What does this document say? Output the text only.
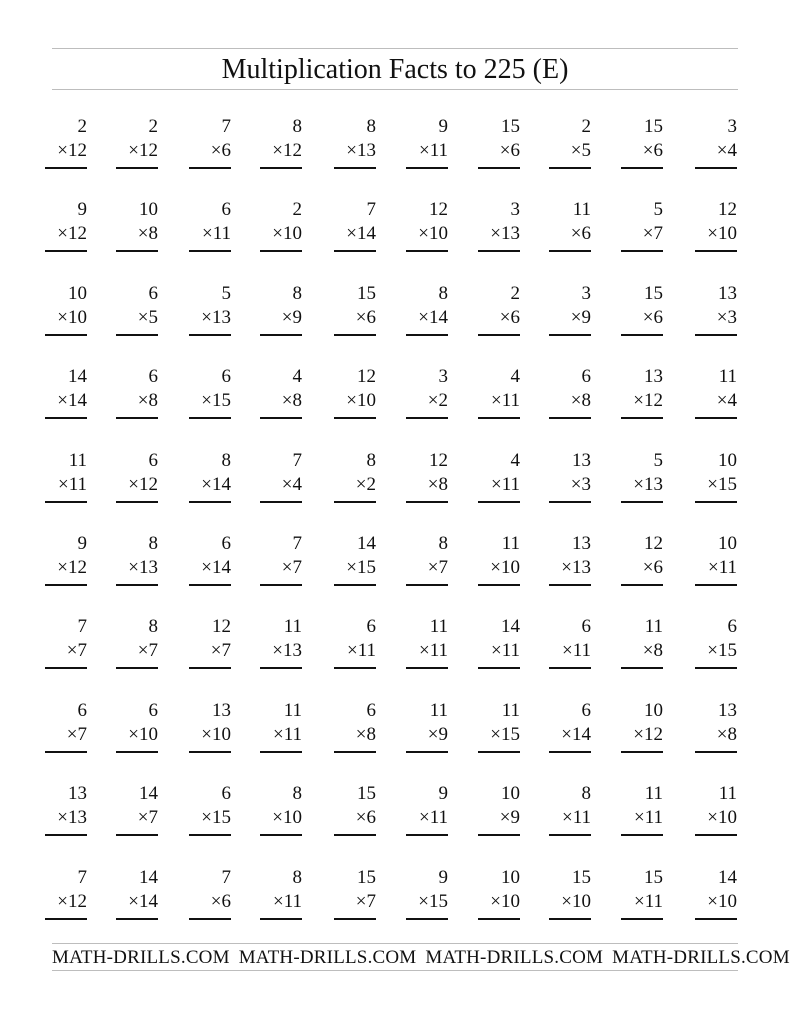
Multiplication Facts to 225 (E)
2
×12
2
×12
7
×6
8
×12
8
×13
9
×11
15
×6
2
×5
15
×6
3
×4
9
×12
10
×8
6
×11
2
×10
7
×14
12
×10
3
×13
11
×6
5
×7
12
×10
10
×10
6
×5
5
×13
8
×9
15
×6
8
×14
2
×6
3
×9
15
×6
13
×3
14
×14
6
×8
6
×15
4
×8
12
×10
3
×2
4
×11
6
×8
13
×12
11
×4
11
×11
6
×12
8
×14
7
×4
8
×2
12
×8
4
×11
13
×3
5
×13
10
×15
9
×12
8
×13
6
×14
7
×7
14
×15
8
×7
11
×10
13
×13
12
×6
10
×11
7
×7
8
×7
12
×7
11
×13
6
×11
11
×11
14
×11
6
×11
11
×8
6
×15
6
×7
6
×10
13
×10
11
×11
6
×8
11
×9
11
×15
6
×14
10
×12
13
×8
13
×13
14
×7
6
×15
8
×10
15
×6
9
×11
10
×9
8
×11
11
×11
11
×10
7
×12
14
×14
7
×6
8
×11
15
×7
9
×15
10
×10
15
×10
15
×11
14
×10
MATH-DRILLS.COM MATH-DRILLS.COM MATH-DRILLS.COM MATH-DRILLS.COM
